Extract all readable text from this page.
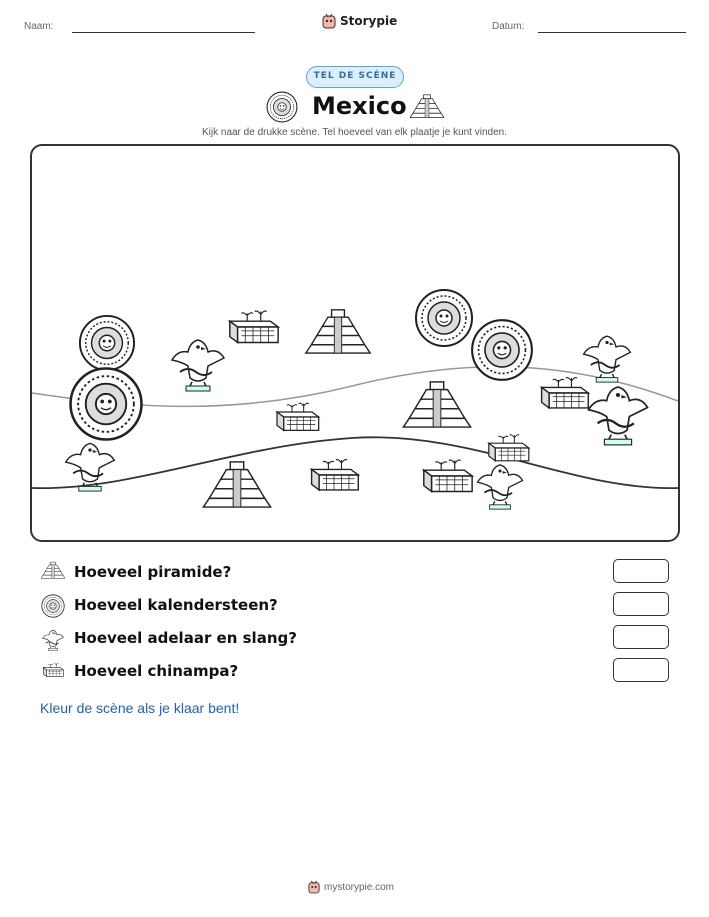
Naam:	Storypie	Datum:
TEL DE SCÈNE
Mexico
Kijk naar de drukke scène. Tel hoeveel van elk plaatje je kunt vinden.
Hoeveel piramide?
Hoeveel kalendersteen?
Hoeveel adelaar en slang?
Hoeveel chinampa?
Kleur de scène als je klaar bent!
mystorypie.com
